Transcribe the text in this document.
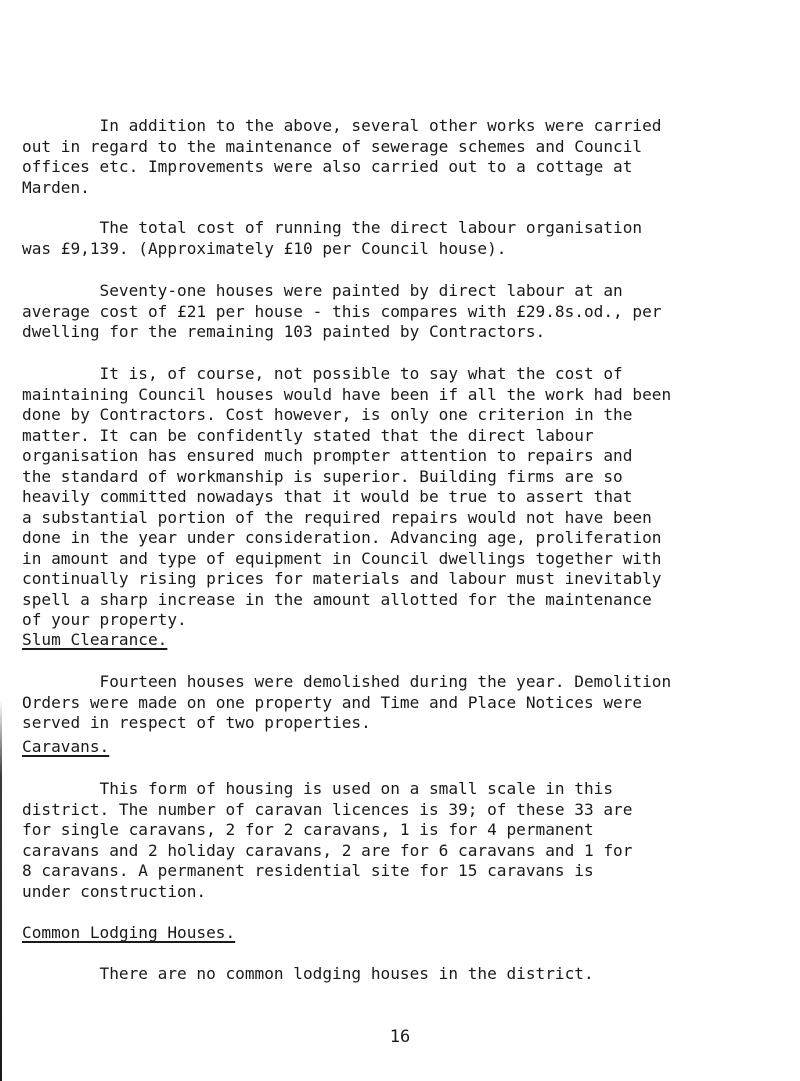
In addition to the above, several other works were carried
out in regard to the maintenance of sewerage schemes and Council
offices etc. Improvements were also carried out to a cottage at
Marden.

The total cost of running the direct labour organisation
was £9,139. (Approximately £10 per Council house).

Seventy-one houses were painted by direct labour at an
average cost of £21 per house - this compares with £29.8s.od., per
dwelling for the remaining 103 painted by Contractors.

It is, of course, not possible to say what the cost of
maintaining Council houses would have been if all the work had been
done by Contractors. Cost however, is only one criterion in the
matter. It can be confidently stated that the direct labour
organisation has ensured much prompter attention to repairs and
the standard of workmanship is superior. Building firms are so
heavily committed nowadays that it would be true to assert that
a substantial portion of the required repairs would not have been
done in the year under consideration. Advancing age, proliferation
in amount and type of equipment in Council dwellings together with
continually rising prices for materials and labour must inevitably
spell a sharp increase in the amount allotted for the maintenance
of your property.

Slum Clearance.

Fourteen houses were demolished during the year. Demolition
Orders were made on one property and Time and Place Notices were
served in respect of two properties.

Caravans.

This form of housing is used on a small scale in this
district. The number of caravan licences is 39; of these 33 are
for single caravans, 2 for 2 caravans, 1 is for 4 permanent
caravans and 2 holiday caravans, 2 are for 6 caravans and 1 for
8 caravans. A permanent residential site for 15 caravans is
under construction.

Common Lodging Houses.

There are no common lodging houses in the district.

16
